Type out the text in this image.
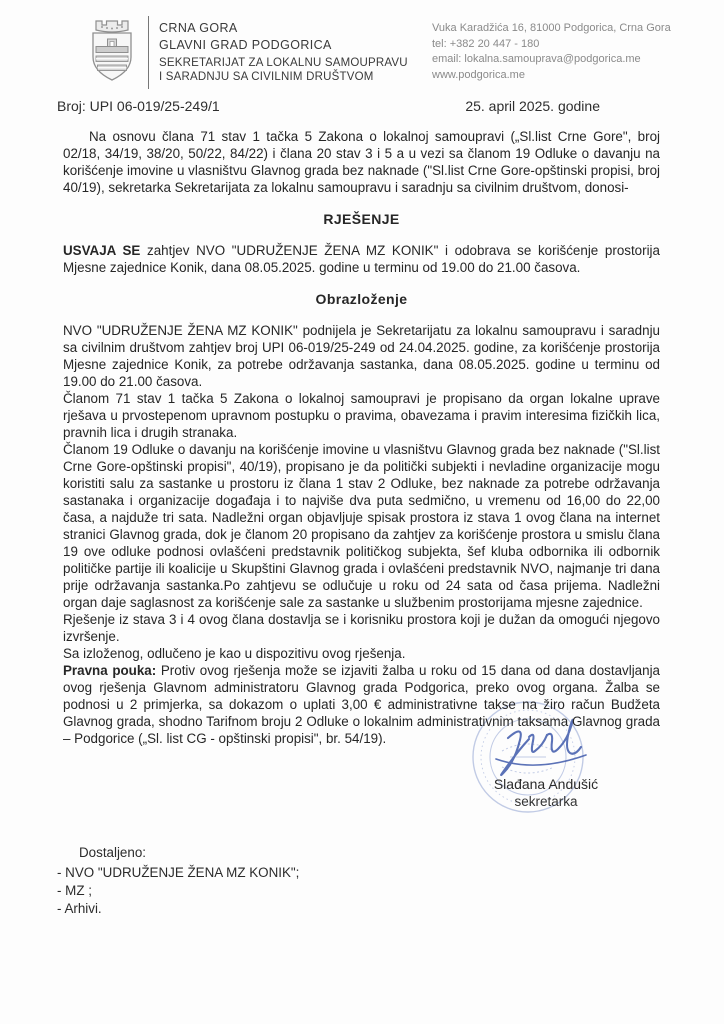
CRNA GORA
GLAVNI GRAD PODGORICA
SEKRETARIJAT ZA LOKALNU SAMOUPRAVU
I SARADNJU SA CIVILNIM DRUŠTVOM
Vuka Karadžića 16, 81000 Podgorica, Crna Gora
tel: +382 20 447 - 180
email: lokalna.samouprava@podgorica.me
www.podgorica.me
Broj: UPI 06-019/25-249/1	25. april 2025. godine

Na osnovu člana 71 stav 1 tačka 5 Zakona o lokalnoj samoupravi („Sl.list Crne Gore", broj 02/18, 34/19, 38/20, 50/22, 84/22) i člana 20 stav 3 i 5 a u vezi sa članom 19 Odluke o davanju na korišćenje imovine u vlasništvu Glavnog grada bez naknade ("Sl.list Crne Gore-opštinski propisi, broj 40/19), sekretarka Sekretarijata za lokalnu samoupravu i saradnju sa civilnim društvom, donosi-

RJEŠENJE

USVAJA SE zahtjev NVO "UDRUŽENJE ŽENA MZ KONIK" i odobrava se korišćenje prostorija Mjesne zajednice Konik, dana 08.05.2025. godine u terminu od 19.00 do 21.00 časova.

Obrazloženje

NVO "UDRUŽENJE ŽENA MZ KONIK" podnijela je Sekretarijatu za lokalnu samoupravu i saradnju sa civilnim društvom zahtjev broj UPI 06-019/25-249 od 24.04.2025. godine, za korišćenje prostorija Mjesne zajednice Konik, za potrebe održavanja sastanka, dana 08.05.2025. godine u terminu od 19.00 do 21.00 časova.

Članom 71 stav 1 tačka 5 Zakona o lokalnoj samoupravi je propisano da organ lokalne uprave rješava u prvostepenom upravnom postupku o pravima, obavezama i pravim interesima fizičkih lica, pravnih lica i drugih stranaka.

Članom 19 Odluke o davanju na korišćenje imovine u vlasništvu Glavnog grada bez naknade ("Sl.list Crne Gore-opštinski propisi", 40/19), propisano je da politički subjekti i nevladine organizacije mogu koristiti salu za sastanke u prostoru iz člana 1 stav 2 Odluke, bez naknade za potrebe održavanja sastanaka i organizacije događaja i to najviše dva puta sedmično, u vremenu od 16,00 do 22,00 časa, a najduže tri sata. Nadležni organ objavljuje spisak prostora iz stava 1 ovog člana na internet stranici Glavnog grada, dok je članom 20 propisano da zahtjev za korišćenje prostora u smislu člana 19 ove odluke podnosi ovlašćeni predstavnik političkog subjekta, šef kluba odbornika ili odbornik političke partije ili koalicije u Skupštini Glavnog grada i ovlašćeni predstavnik NVO, najmanje tri dana prije održavanja sastanka.Po zahtjevu se odlučuje u roku od 24 sata od časa prijema. Nadležni organ daje saglasnost za korišćenje sale za sastanke u službenim prostorijama mjesne zajednice.

Rješenje iz stava 3 i 4 ovog člana dostavlja se i korisniku prostora koji je dužan da omogući njegovo izvršenje.

Sa izloženog, odlučeno je kao u dispozitivu ovog rješenja.

Pravna pouka: Protiv ovog rješenja može se izjaviti žalba u roku od 15 dana od dana dostavljanja ovog rješenja Glavnom administratoru Glavnog grada Podgorica, preko ovog organa. Žalba se podnosi u 2 primjerka, sa dokazom o uplati 3,00 € administrativne takse na žiro račun Budžeta Glavnog grada, shodno Tarifnom broju 2 Odluke o lokalnim administrativnim taksama Glavnog grada – Podgorice („Sl. list CG - opštinski propisi", br. 54/19).

Slađana Andušić
sekretarka
Dostaljeno:
- NVO "UDRUŽENJE ŽENA MZ KONIK";
- MZ ;
- Arhivi.
